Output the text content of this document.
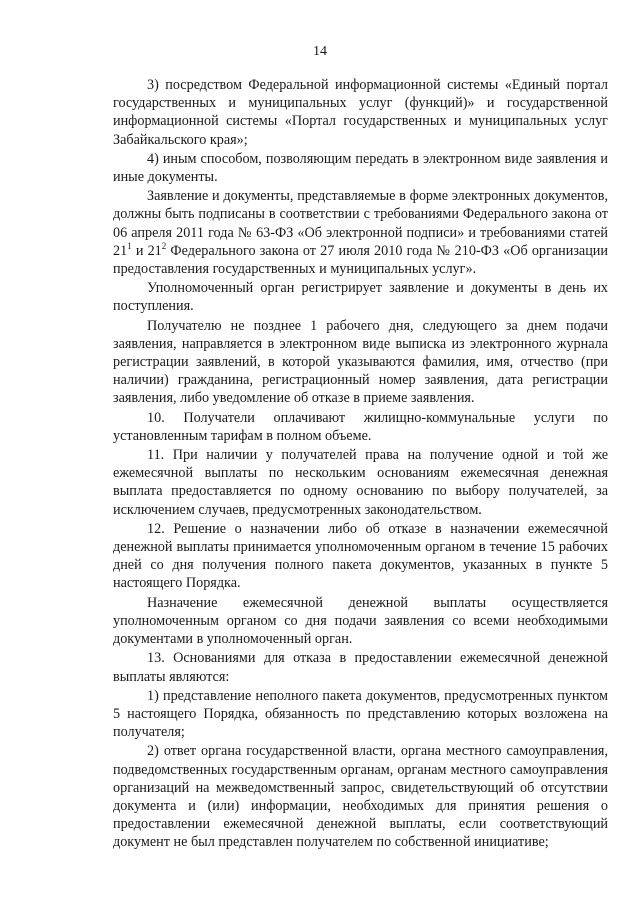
14

3) посредством Федеральной информационной системы «Единый портал государственных и муниципальных услуг (функций)» и государственной информационной системы «Портал государственных и муниципальных услуг Забайкальского края»;

4) иным способом, позволяющим передать в электронном виде заявления и иные документы.

Заявление и документы, представляемые в форме электронных документов, должны быть подписаны в соответствии с требованиями Федерального закона от 06 апреля 2011 года № 63-ФЗ «Об электронной подписи» и требованиями статей $21^1$ и $21^2$ Федерального закона от 27 июля 2010 года № 210-ФЗ «Об организации предоставления государственных и муниципальных услуг».

Уполномоченный орган регистрирует заявление и документы в день их поступления.

Получателю не позднее 1 рабочего дня, следующего за днем подачи заявления, направляется в электронном виде выписка из электронного журнала регистрации заявлений, в которой указываются фамилия, имя, отчество (при наличии) гражданина, регистрационный номер заявления, дата регистрации заявления, либо уведомление об отказе в приеме заявления.

10. Получатели оплачивают жилищно-коммунальные услуги по установленным тарифам в полном объеме.

11. При наличии у получателей права на получение одной и той же ежемесячной выплаты по нескольким основаниям ежемесячная денежная выплата предоставляется по одному основанию по выбору получателей, за исключением случаев, предусмотренных законодательством.

12. Решение о назначении либо об отказе в назначении ежемесячной денежной выплаты принимается уполномоченным органом в течение 15 рабочих дней со дня получения полного пакета документов, указанных в пункте 5 настоящего Порядка.

Назначение ежемесячной денежной выплаты осуществляется уполномоченным органом со дня подачи заявления со всеми необходимыми документами в уполномоченный орган.

13. Основаниями для отказа в предоставлении ежемесячной денежной выплаты являются:

1) представление неполного пакета документов, предусмотренных пунктом 5 настоящего Порядка, обязанность по представлению которых возложена на получателя;

2) ответ органа государственной власти, органа местного самоуправления, подведомственных государственным органам, органам местного самоуправления организаций на межведомственный запрос, свидетельствующий об отсутствии документа и (или) информации, необходимых для принятия решения о предоставлении ежемесячной денежной выплаты, если соответствующий документ не был представлен получателем по собственной инициативе;
